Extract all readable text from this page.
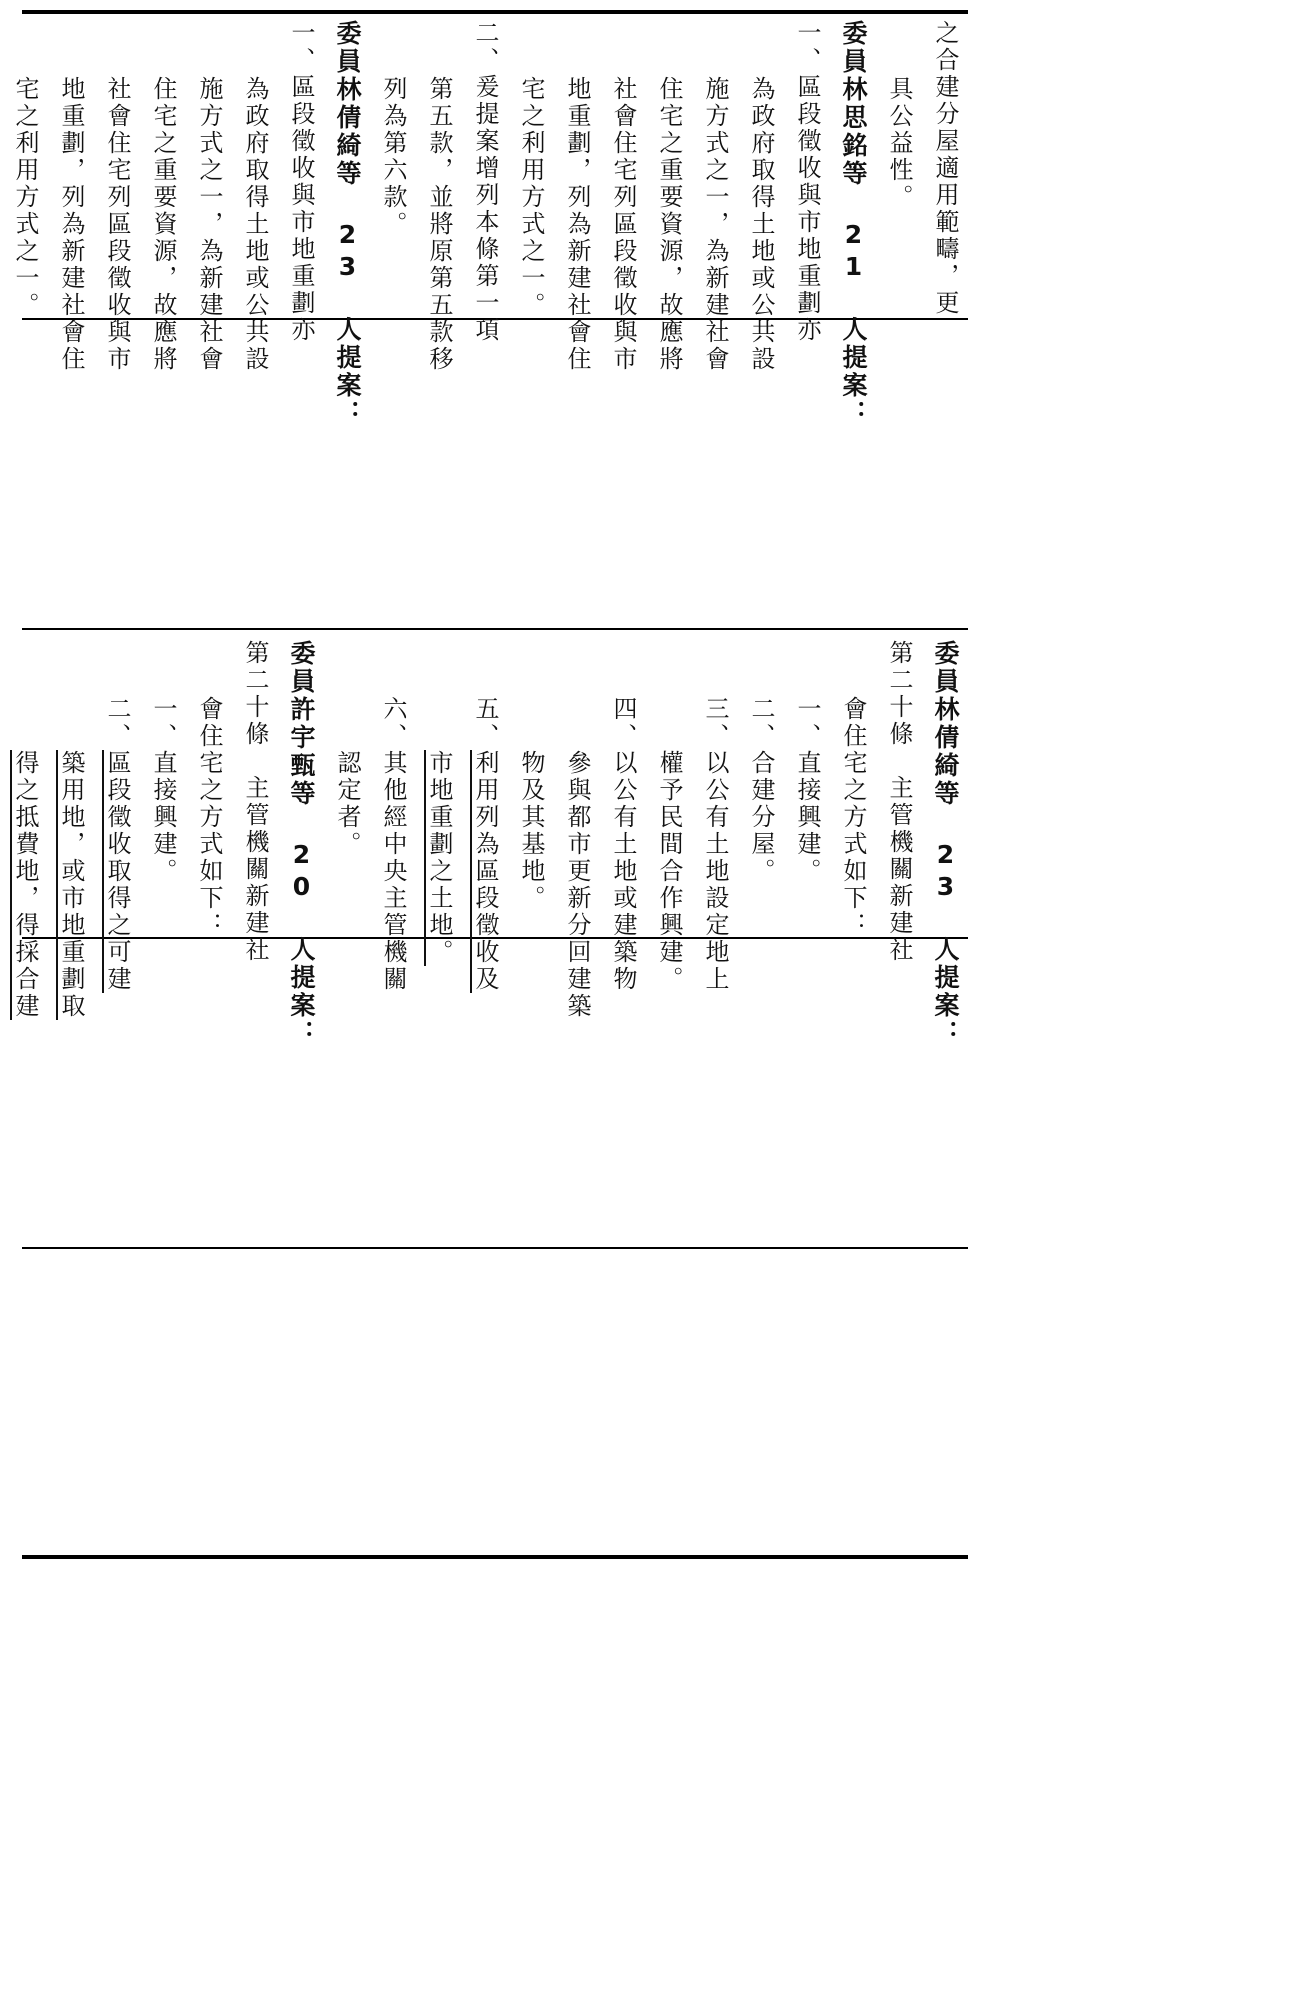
之合建分屋適用範疇，更
具公益性。
委員林思銘等 21 人提案：
一、區段徵收與市地重劃亦
為政府取得土地或公共設
施方式之一，為新建社會
住宅之重要資源，故應將
社會住宅列區段徵收與市
地重劃，列為新建社會住
宅之利用方式之一。
二、爰提案增列本條第一項
第五款，並將原第五款移
列為第六款。
委員林倩綺等 23 人提案：
一、區段徵收與市地重劃亦
為政府取得土地或公共設
施方式之一，為新建社會
住宅之重要資源，故應將
社會住宅列區段徵收與市
地重劃，列為新建社會住
宅之利用方式之一。
委員林倩綺等 23 人提案：
第二十條　主管機關新建社
會住宅之方式如下：
一、直接興建。
二、合建分屋。
三、以公有土地設定地上
權予民間合作興建。
四、以公有土地或建築物
參與都市更新分回建築
物及其基地。
五、利用列為區段徵收及
市地重劃之土地。
六、其他經中央主管機關
認定者。
委員許宇甄等 20 人提案：
第二十條　主管機關新建社
會住宅之方式如下：
一、直接興建。
二、區段徵收取得之可建
築用地，或市地重劃取
得之抵費地，得採合建
